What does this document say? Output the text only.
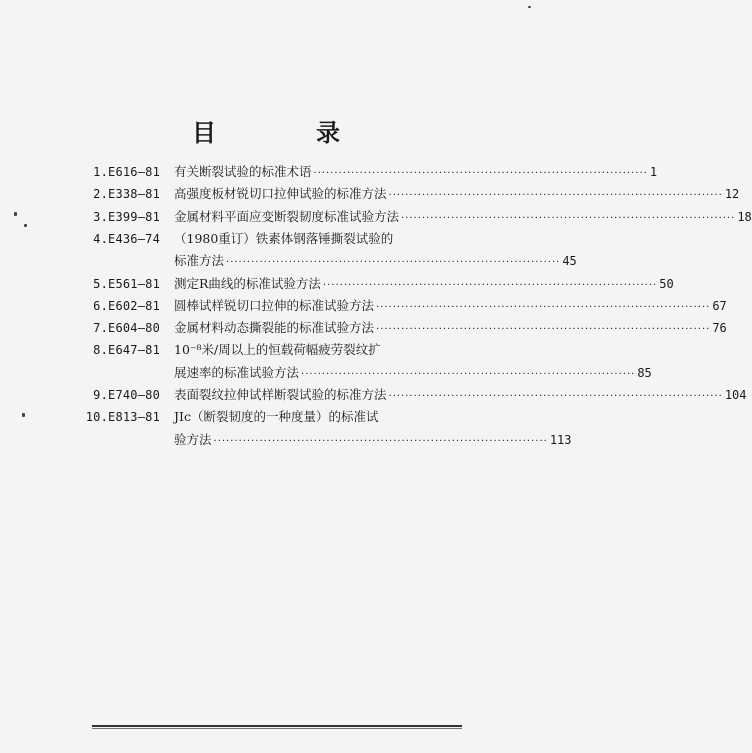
目	录
1.E616—81 有关断裂试验的标准术语 ················································································ 1
2.E338—81 高强度板材锐切口拉伸试验的标准方法 ················································································ 12
3.E399—81 金属材料平面应变断裂韧度标准试验方法 ················································································ 18
4.E436—74 （1980重订）铁素体钢落锤撕裂试验的
标准方法 ················································································ 45
5.E561—81 测定R曲线的标准试验方法 ················································································ 50
6.E602—81 圆棒试样锐切口拉伸的标准试验方法 ················································································ 67
7.E604—80 金属材料动态撕裂能的标准试验方法 ················································································ 76
8.E647—81 10⁻⁸米/周以上的恒载荷幅疲劳裂纹扩
展速率的标准试验方法 ················································································ 85
9.E740—80 表面裂纹拉伸试样断裂试验的标准方法 ················································································ 104
10.E813—81 JIc（断裂韧度的一种度量）的标准试
验方法 ················································································ 113
